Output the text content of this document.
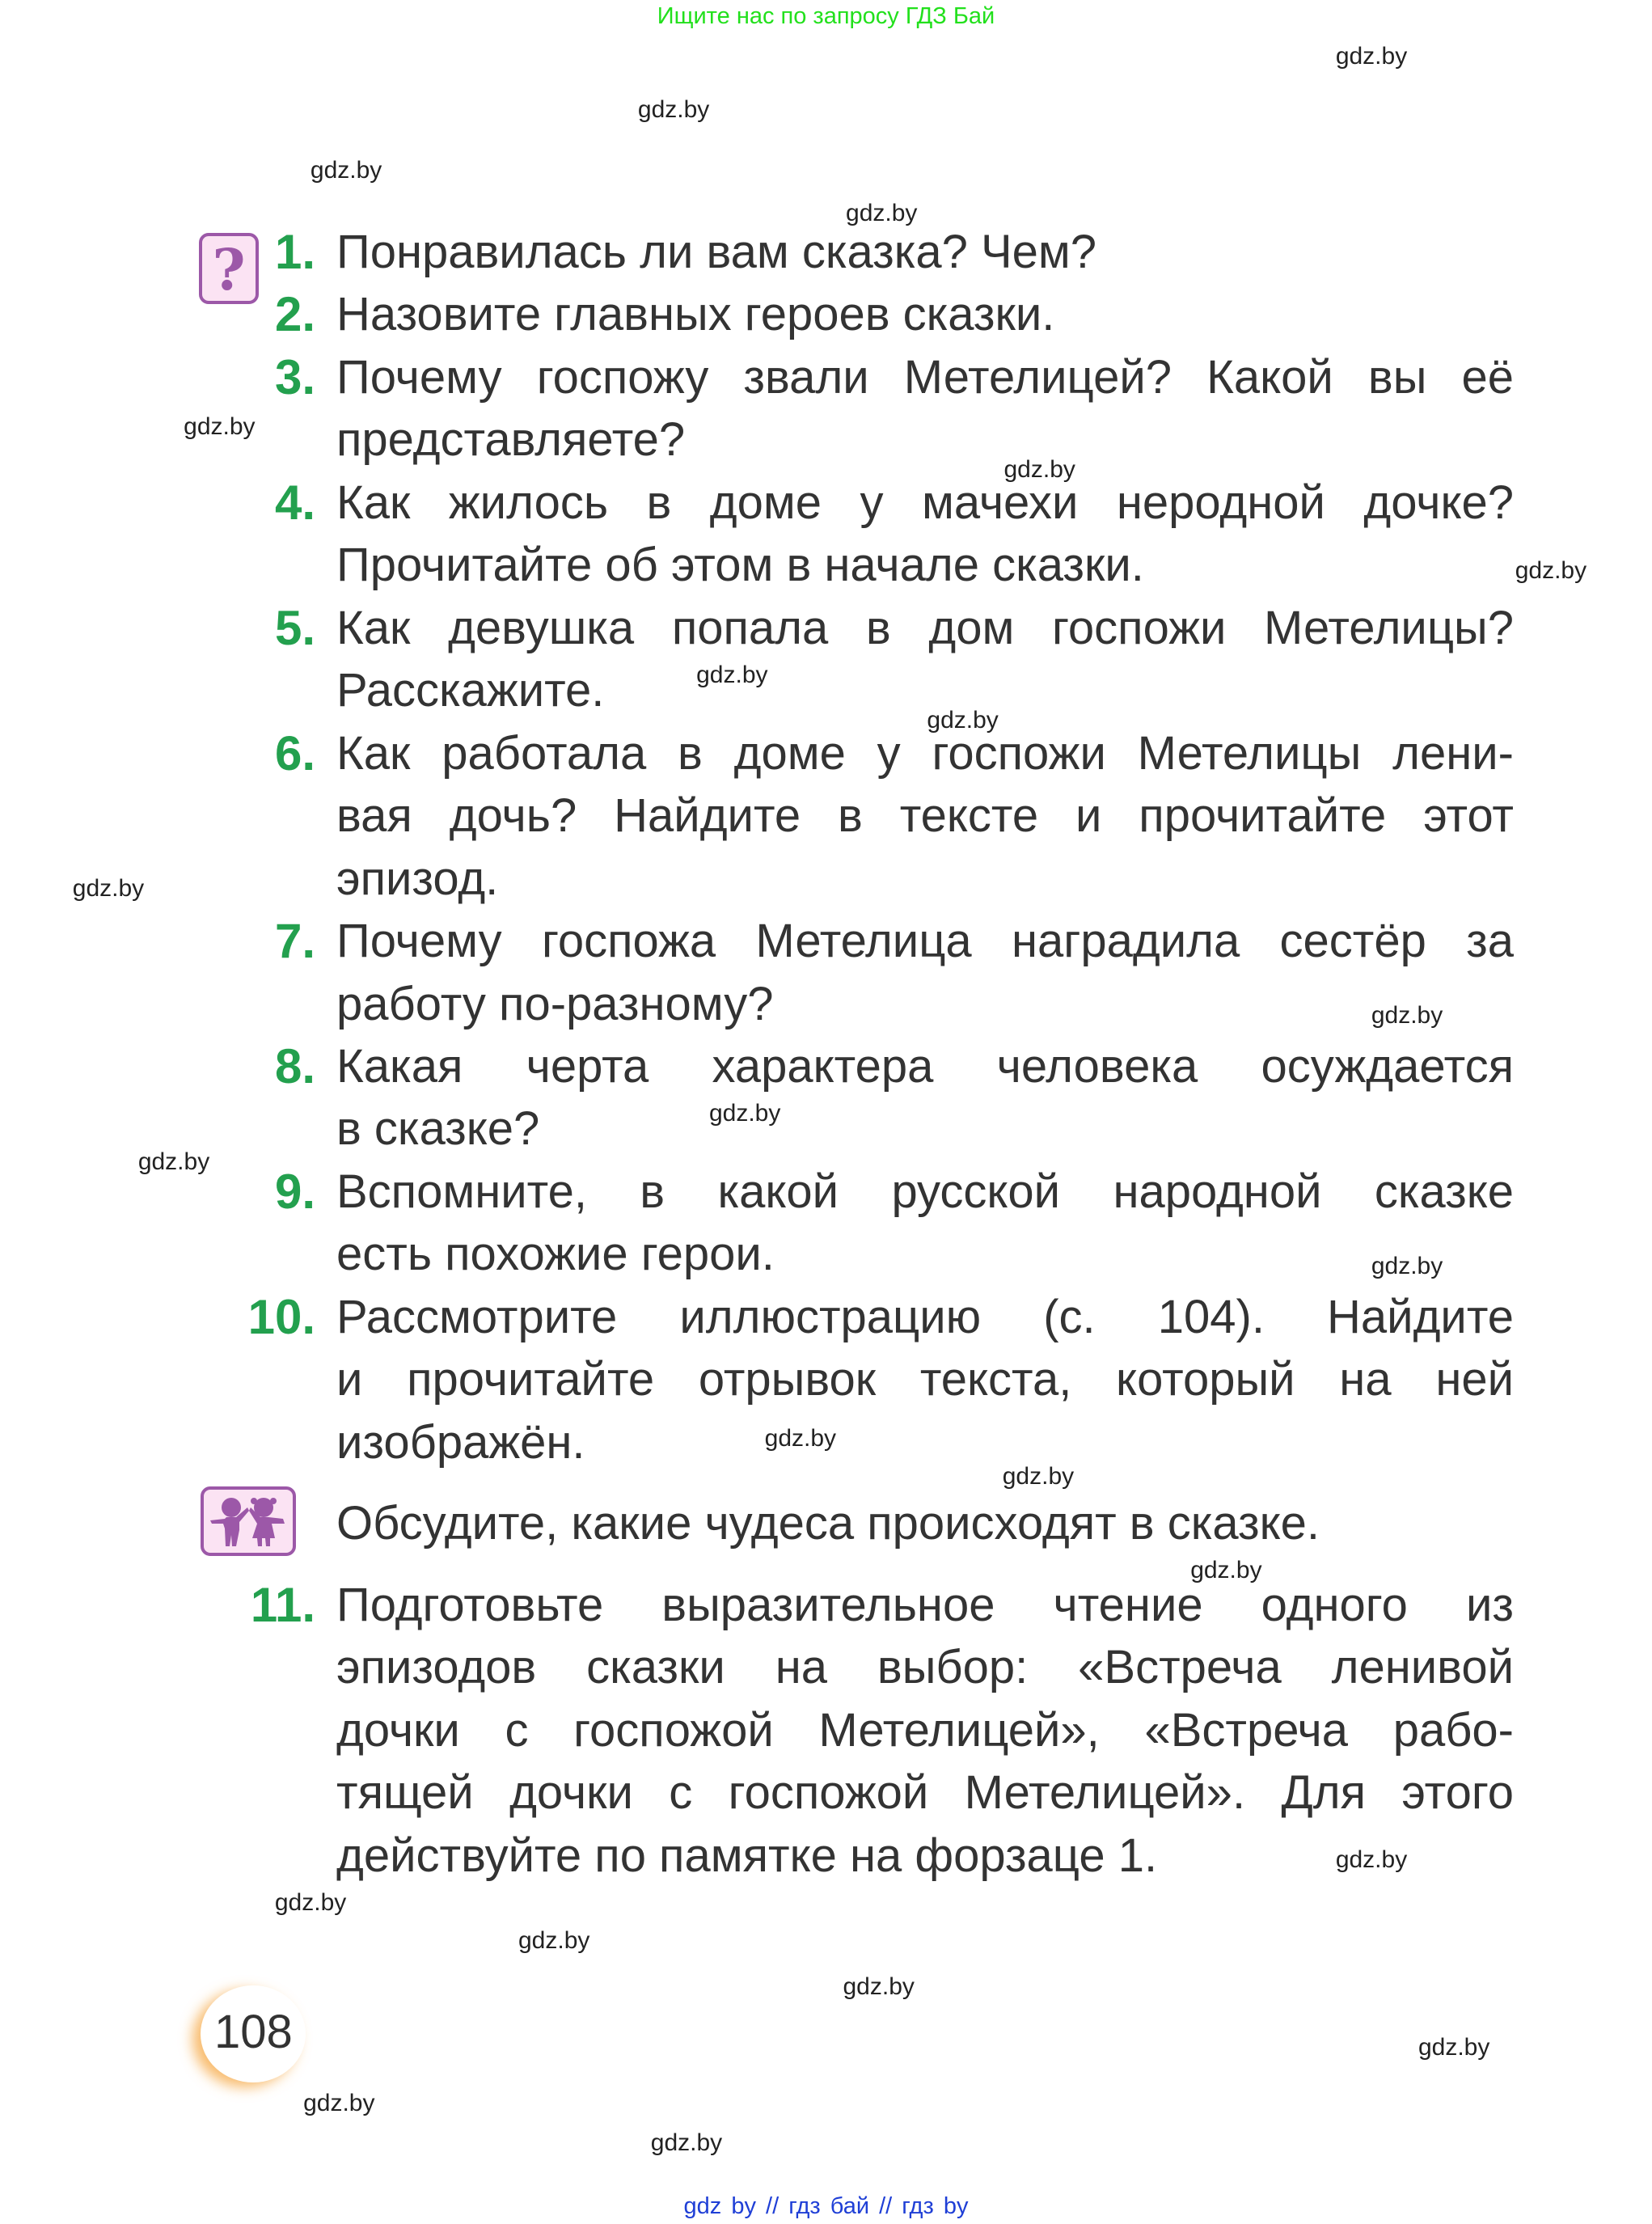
Ищите нас по запросу ГДЗ Бай
? 1. Понравилась ли вам сказка? Чем?
2. Назовите главных героев сказки.
3. Почему госпожу звали Метелицей? Какой вы её
представляете?
4. Как жилось в доме у мачехи неродной дочке?
Прочитайте об этом в начале сказки.
5. Как девушка попала в дом госпожи Метелицы?
Расскажите.
6. Как работала в доме у госпожи Метелицы лени-
вая дочь? Найдите в тексте и прочитайте этот
эпизод.
7. Почему госпожа Метелица наградила сестёр за
работу по-разному?
8. Какая черта характера человека осуждается
в сказке?
9. Вспомните, в какой русской народной сказке
есть похожие герои.
10. Рассмотрите иллюстрацию (с. 104). Найдите
и прочитайте отрывок текста, который на ней
изображён.
Обсудите, какие чудеса происходят в сказке.
11. Подготовьте выразительное чтение одного из
эпизодов сказки на выбор: «Встреча ленивой
дочки с госпожой Метелицей», «Встреча рабо-
тящей дочки с госпожой Метелицей». Для этого
действуйте по памятке на форзаце 1.
108
gdz.by
gdz.by
gdz.by
gdz.by
gdz.by
gdz.by
gdz.by
gdz.by
gdz.by
gdz.by
gdz.by
gdz.by
gdz.by
gdz.by
gdz.by
gdz.by
gdz.by
gdz.by
gdz.by
gdz.by
gdz.by
gdz.by
gdz.by
gdz.by
gdz by // гдз бай // гдз by
